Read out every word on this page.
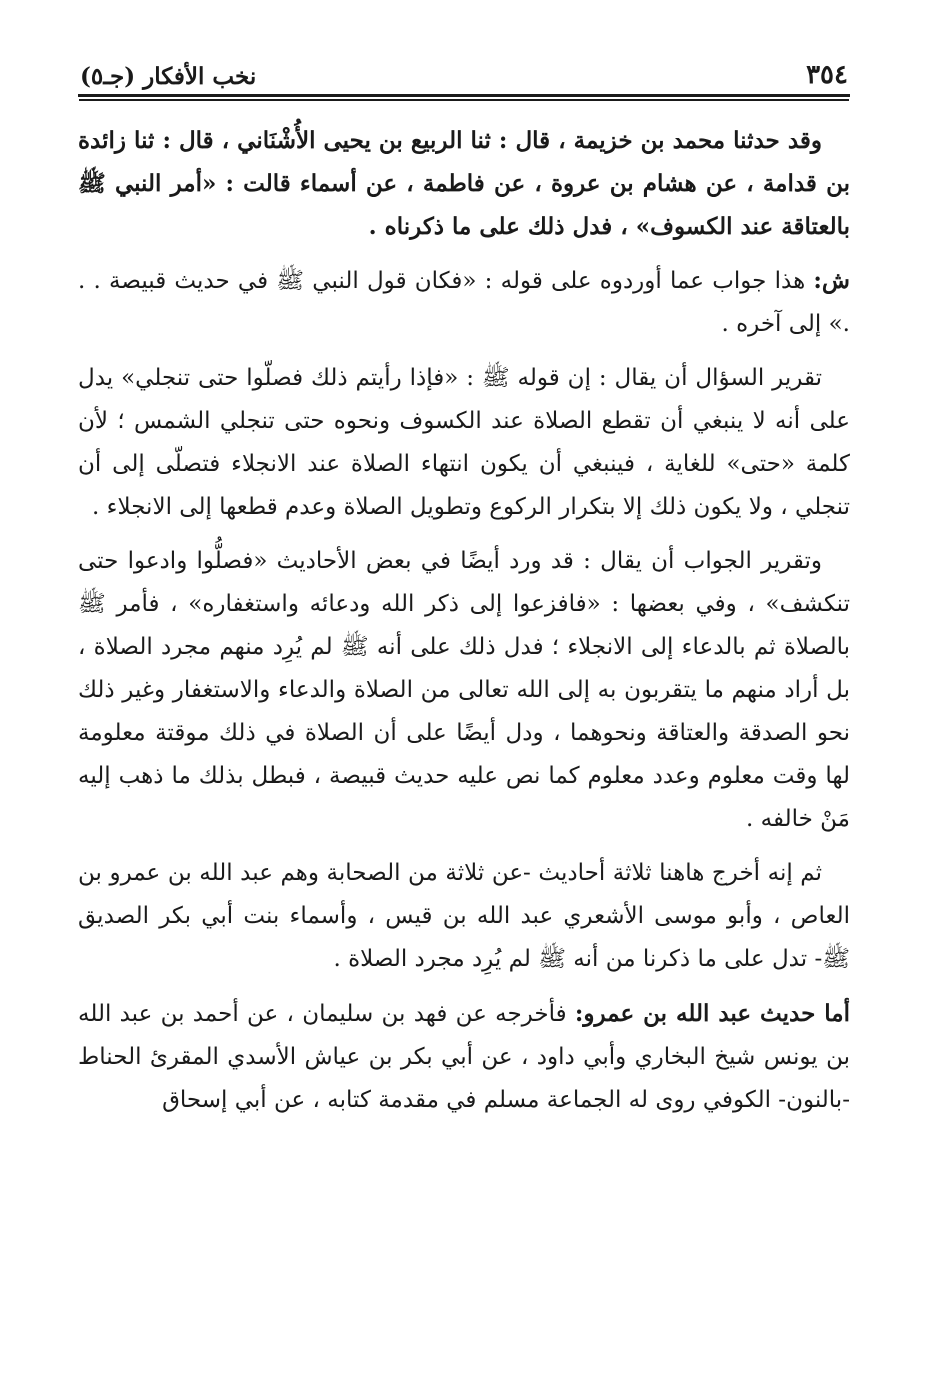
٣٥٤
نخب الأفكار (جـ٥)

وقد حدثنا محمد بن خزيمة ، قال : ثنا الربيع بن يحيى الأُشْنَاني ، قال : ثنا زائدة بن قدامة ، عن هشام بن عروة ، عن فاطمة ، عن أسماء قالت : «أمر النبي ﷺ بالعتاقة عند الكسوف» ، فدل ذلك على ما ذكرناه .

ش: هذا جواب عما أوردوه على قوله : «فكان قول النبي ﷺ في حديث قبيصة . . .» إلى آخره .

تقرير السؤال أن يقال : إن قوله ﷺ : «فإذا رأيتم ذلك فصلّوا حتى تنجلي» يدل على أنه لا ينبغي أن تقطع الصلاة عند الكسوف ونحوه حتى تنجلي الشمس ؛ لأن كلمة «حتى» للغاية ، فينبغي أن يكون انتهاء الصلاة عند الانجلاء فتصلّى إلى أن تنجلي ، ولا يكون ذلك إلا بتكرار الركوع وتطويل الصلاة وعدم قطعها إلى الانجلاء .

وتقرير الجواب أن يقال : قد ورد أيضًا في بعض الأحاديث «فصلُّوا وادعوا حتى تنكشف» ، وفي بعضها : «فافزعوا إلى ذكر الله ودعائه واستغفاره» ، فأمر ﷺ بالصلاة ثم بالدعاء إلى الانجلاء ؛ فدل ذلك على أنه ﷺ لم يُرِد منهم مجرد الصلاة ، بل أراد منهم ما يتقربون به إلى الله تعالى من الصلاة والدعاء والاستغفار وغير ذلك نحو الصدقة والعتاقة ونحوهما ، ودل أيضًا على أن الصلاة في ذلك موقتة معلومة لها وقت معلوم وعدد معلوم كما نص عليه حديث قبيصة ، فبطل بذلك ما ذهب إليه مَنْ خالفه .

ثم إنه أخرج هاهنا ثلاثة أحاديث -عن ثلاثة من الصحابة وهم عبد الله بن عمرو بن العاص ، وأبو موسى الأشعري عبد الله بن قيس ، وأسماء بنت أبي بكر الصديق ﷺ- تدل على ما ذكرنا من أنه ﷺ لم يُرِد مجرد الصلاة .

أما حديث عبد الله بن عمرو: فأخرجه عن فهد بن سليمان ، عن أحمد بن عبد الله بن يونس شيخ البخاري وأبي داود ، عن أبي بكر بن عياش الأسدي المقرئ الحناط -بالنون- الكوفي روى له الجماعة مسلم في مقدمة كتابه ، عن أبي إسحاق
